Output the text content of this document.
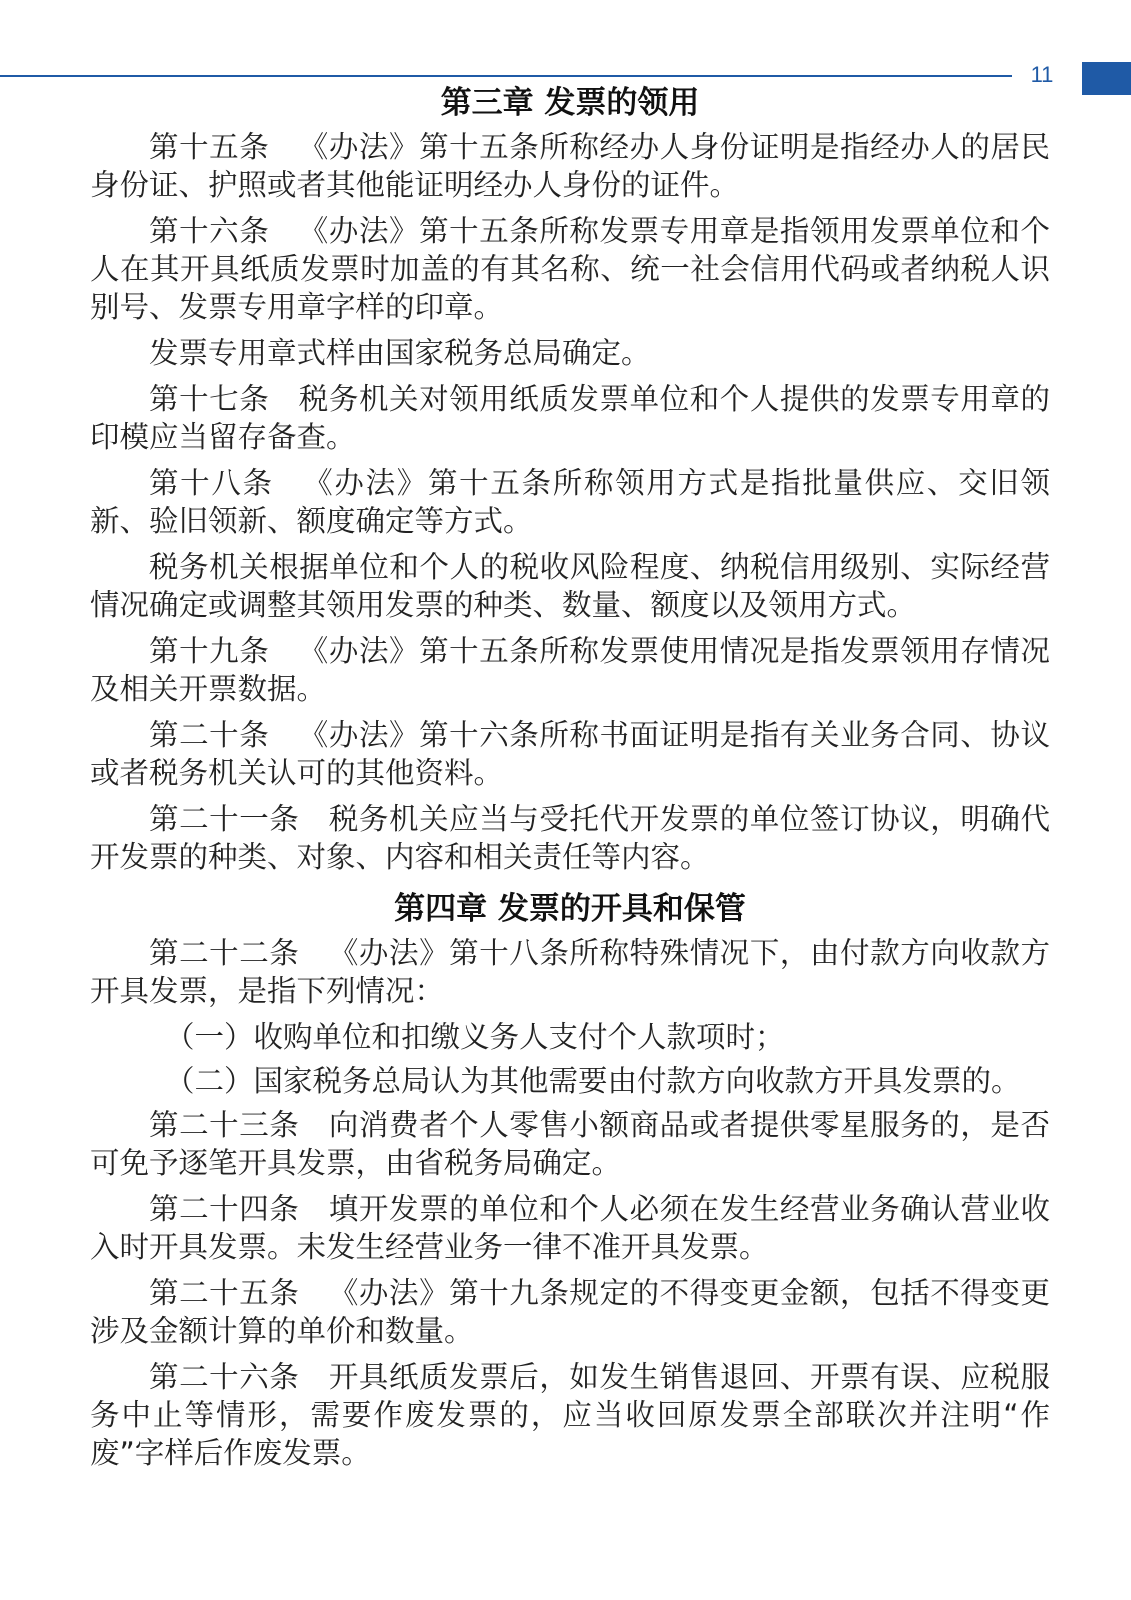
11
第三章 发票的领用

第十五条 《办法》第十五条所称经办人身份证明是指经办人的居民身份证、护照或者其他能证明经办人身份的证件。

第十六条 《办法》第十五条所称发票专用章是指领用发票单位和个人在其开具纸质发票时加盖的有其名称、统一社会信用代码或者纳税人识别号、发票专用章字样的印章。

发票专用章式样由国家税务总局确定。

第十七条 税务机关对领用纸质发票单位和个人提供的发票专用章的印模应当留存备查。

第十八条 《办法》第十五条所称领用方式是指批量供应、交旧领新、验旧领新、额度确定等方式。

税务机关根据单位和个人的税收风险程度、纳税信用级别、实际经营情况确定或调整其领用发票的种类、数量、额度以及领用方式。

第十九条 《办法》第十五条所称发票使用情况是指发票领用存情况及相关开票数据。

第二十条 《办法》第十六条所称书面证明是指有关业务合同、协议或者税务机关认可的其他资料。

第二十一条 税务机关应当与受托代开发票的单位签订协议，明确代开发票的种类、对象、内容和相关责任等内容。

第四章 发票的开具和保管

第二十二条 《办法》第十八条所称特殊情况下，由付款方向收款方开具发票，是指下列情况：

（一）收购单位和扣缴义务人支付个人款项时；

（二）国家税务总局认为其他需要由付款方向收款方开具发票的。

第二十三条 向消费者个人零售小额商品或者提供零星服务的，是否可免予逐笔开具发票，由省税务局确定。

第二十四条 填开发票的单位和个人必须在发生经营业务确认营业收入时开具发票。未发生经营业务一律不准开具发票。

第二十五条 《办法》第十九条规定的不得变更金额，包括不得变更涉及金额计算的单价和数量。

第二十六条 开具纸质发票后，如发生销售退回、开票有误、应税服务中止等情形，需要作废发票的，应当收回原发票全部联次并注明“作废”字样后作废发票。
